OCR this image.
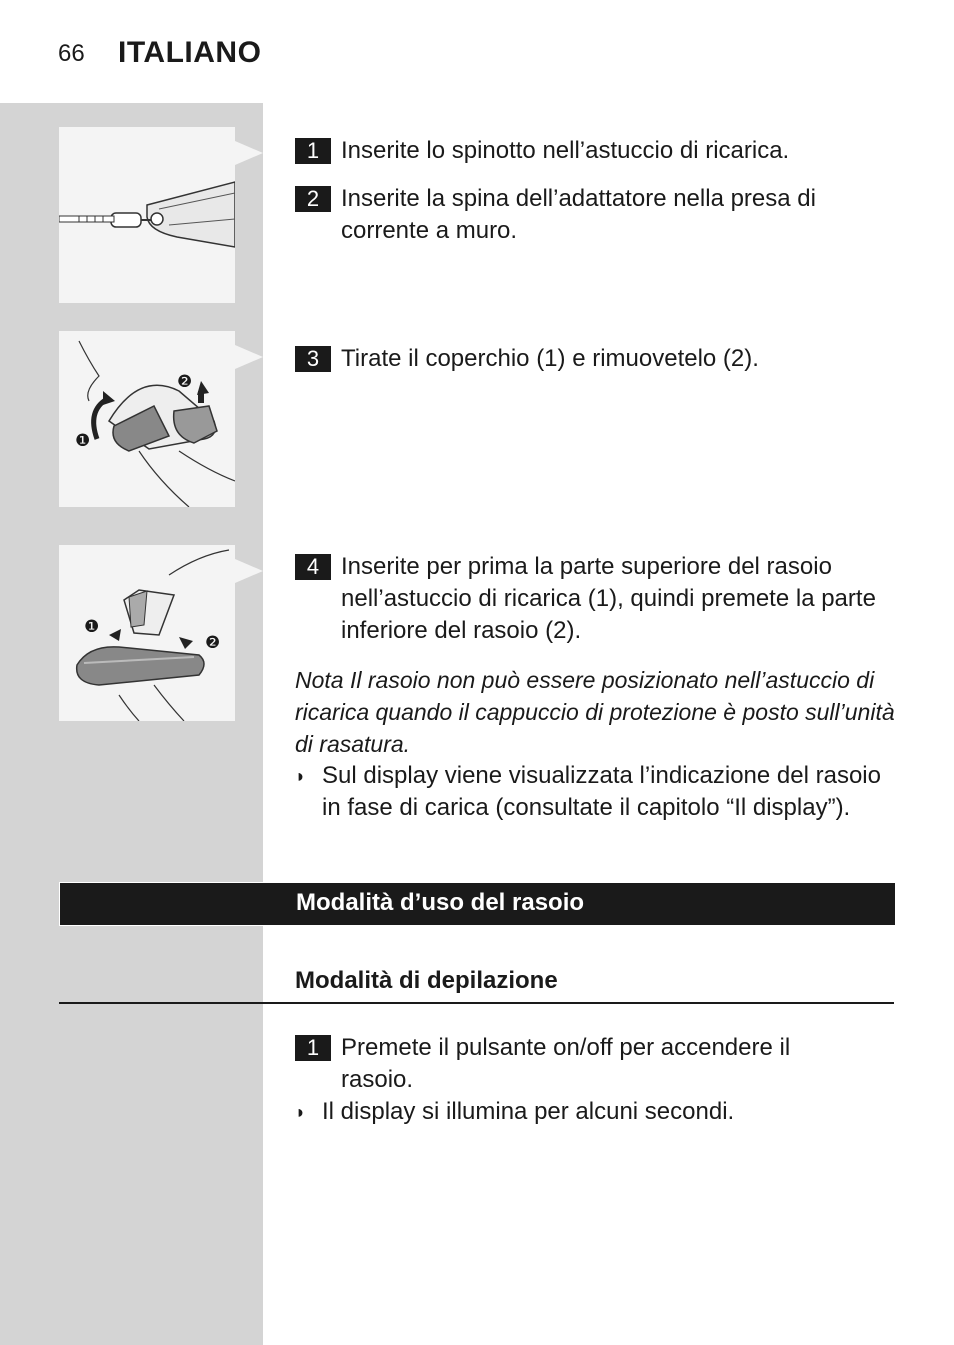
66 ITALIANO
❶
❷
❶
❷
1 Inserite lo spinotto nell’astuccio di ricarica.
2 Inserite la spina dell’adattatore nella presa di corrente a muro.
3 Tirate il coperchio (1) e rimuovetelo (2).
4 Inserite per prima la parte superiore del rasoio nell’astuccio di ricarica (1), quindi premete la parte inferiore del rasoio (2).
Nota Il rasoio non può essere posizionato nell’astuccio di ricarica quando il cappuccio di protezione è posto sull’unità di rasatura.
◗ Sul display viene visualizzata l’indicazione del rasoio in fase di carica (consultate il capitolo “Il display”).
Modalità d’uso del rasoio
Modalità di depilazione
1 Premete il pulsante on/off per accendere il rasoio.
◗ Il display si illumina per alcuni secondi.
